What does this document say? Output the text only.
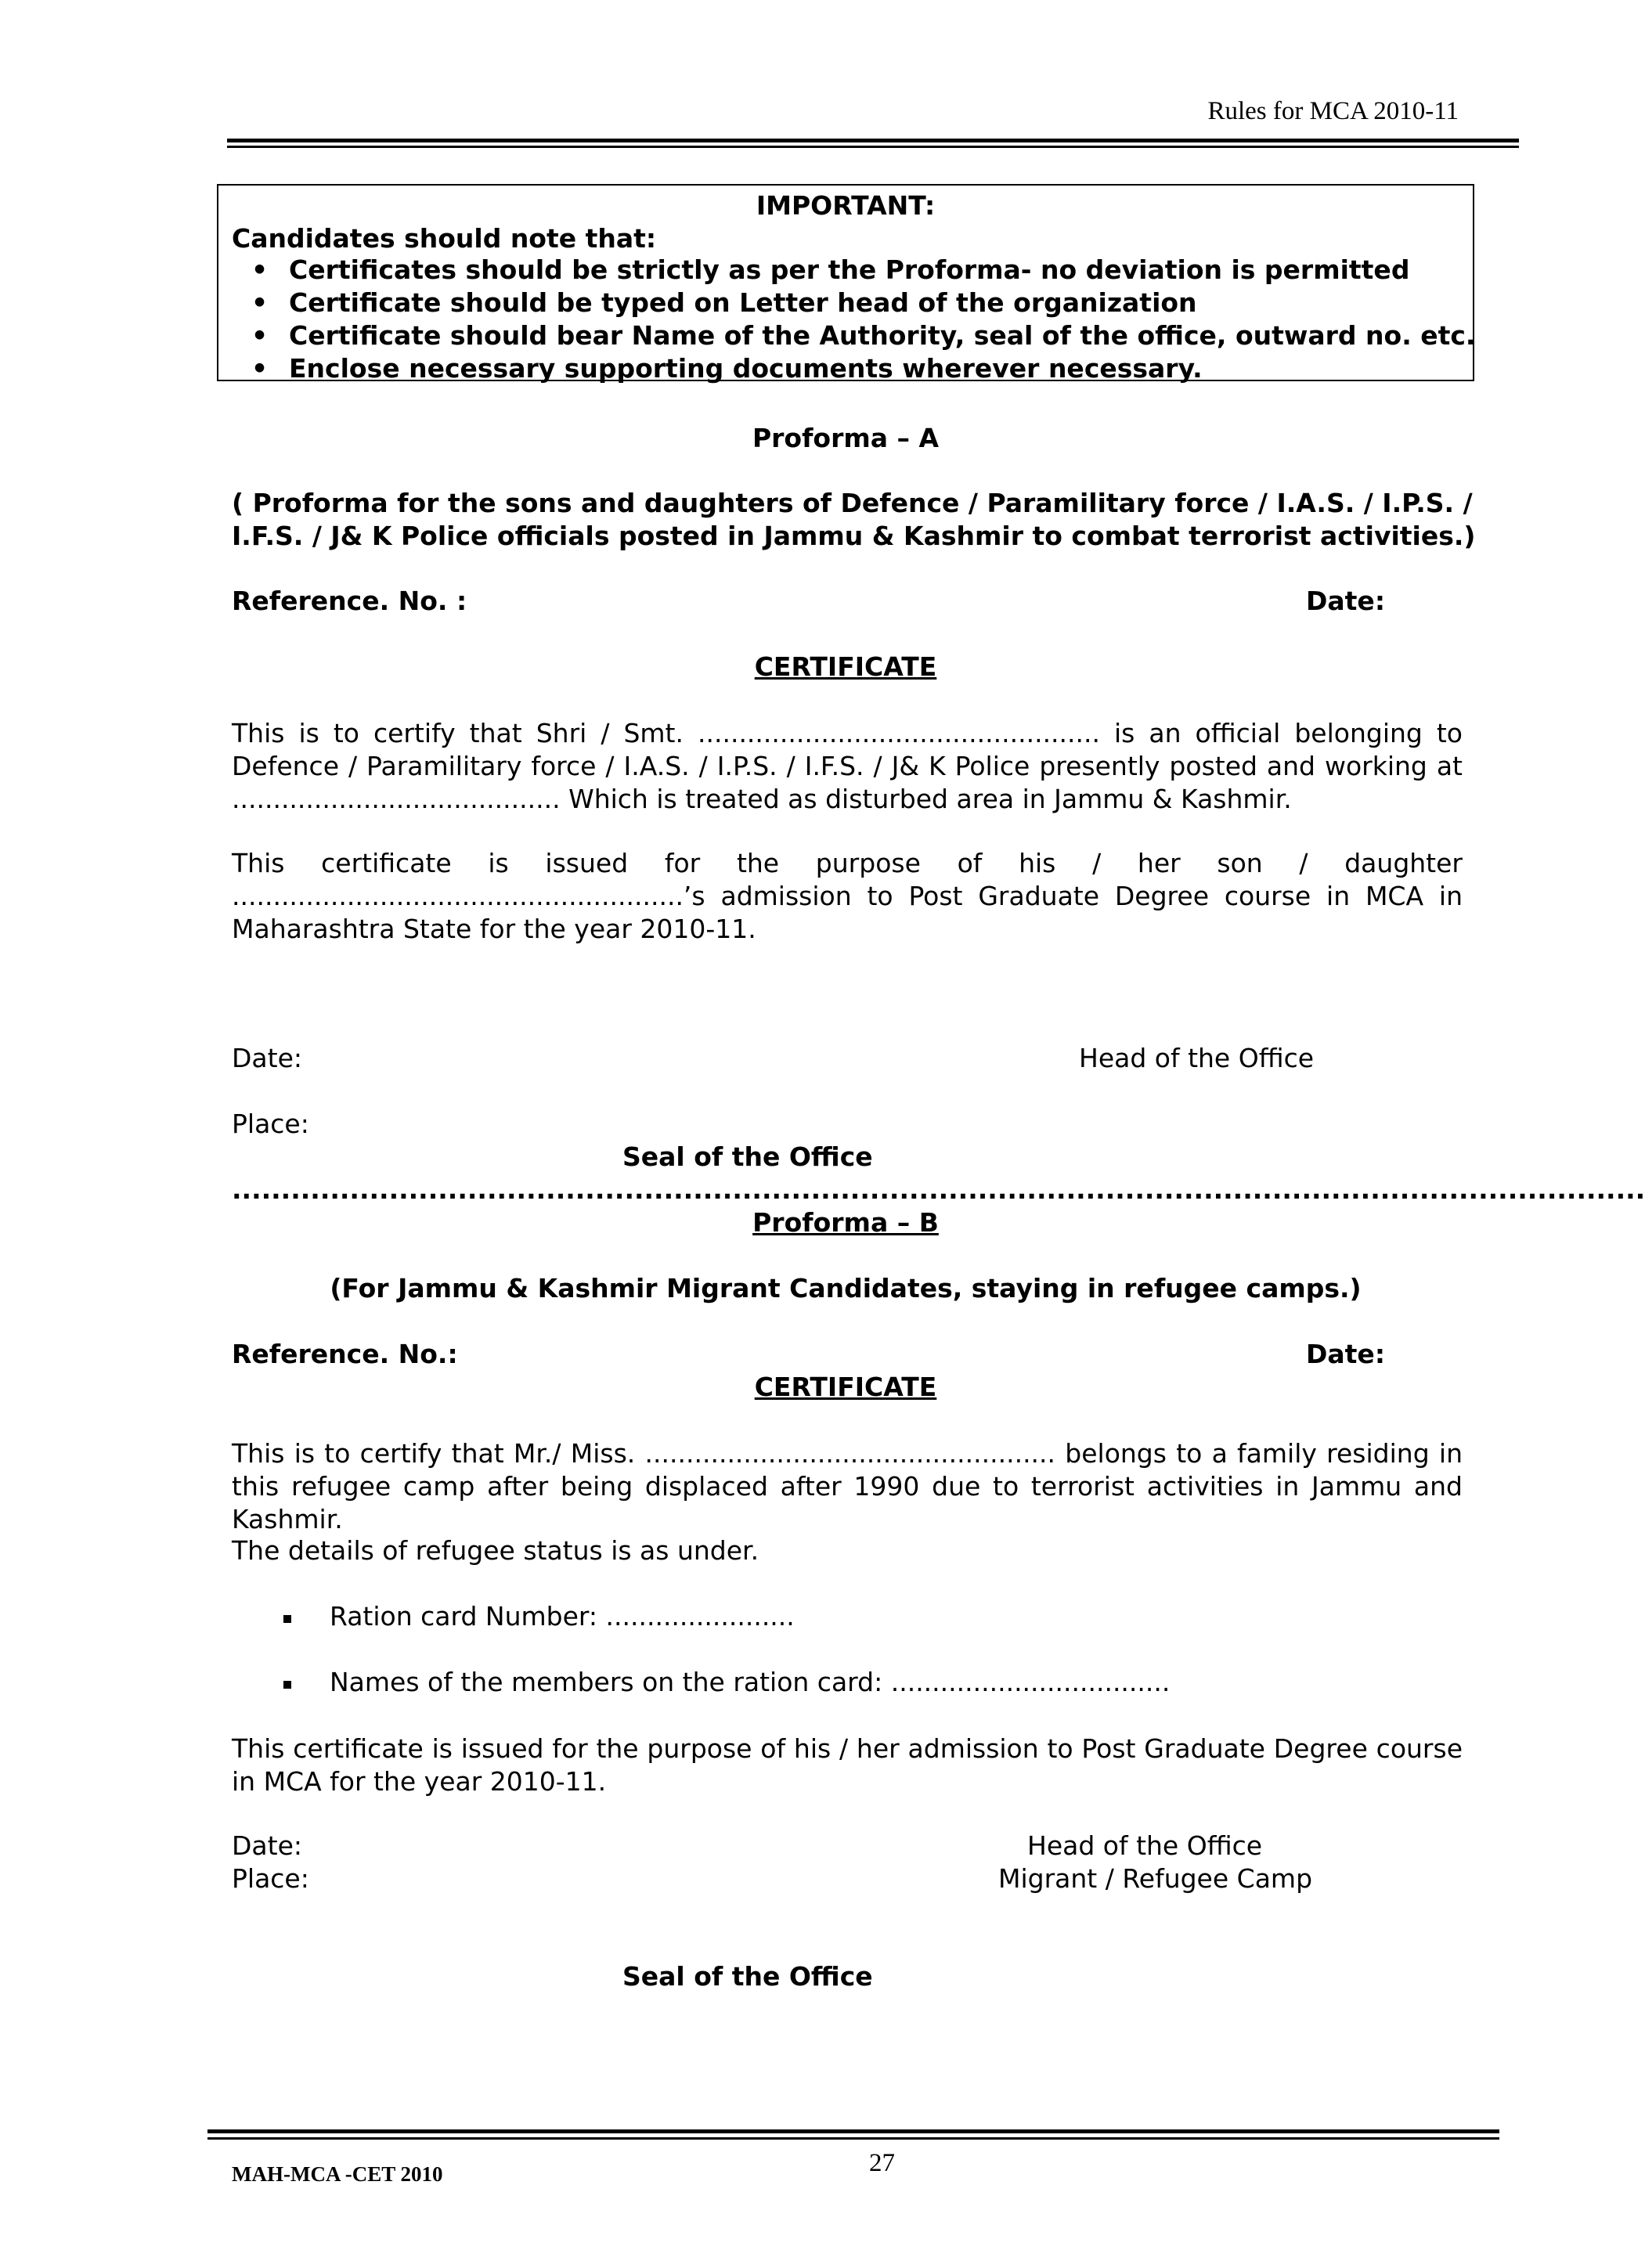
Rules for MCA 2010-11
IMPORTANT:
Candidates should note that:
• Certificates should be strictly as per the Proforma- no deviation is permitted
• Certificate should be typed on Letter head of the organization
• Certificate should bear Name of the Authority, seal of the office, outward no. etc.
• Enclose necessary supporting documents wherever necessary.
Proforma – A
( Proforma for the sons and daughters of Defence / Paramilitary force / I.A.S. / I.P.S. /
I.F.S. / J& K Police officials posted in Jammu & Kashmir to combat terrorist activities.)
Reference. No. :	Date:
CERTIFICATE
This is to certify that Shri / Smt. ................................................. is an official belonging to Defence / Paramilitary force / I.A.S. / I.P.S. / I.F.S. / J& K Police presently posted and working at ........................................ Which is treated as disturbed area in Jammu & Kashmir.
This certificate is issued for the purpose of his / her son / daughter .......................................................’s admission to Post Graduate Degree course in MCA in Maharashtra State for the year 2010-11.
Date:	Head of the Office
Place:
Seal of the Office
................................................................................................................................................
Proforma – B
(For Jammu & Kashmir Migrant Candidates, staying in refugee camps.)
Reference. No.:	Date:
CERTIFICATE
This is to certify that Mr./ Miss. .................................................. belongs to a family residing in this refugee camp after being displaced after 1990 due to terrorist activities in Jammu and Kashmir.
The details of refugee status is as under.
Ration card Number: .......................
Names of the members on the ration card: ..................................
This certificate is issued for the purpose of his / her admission to Post Graduate Degree course in MCA for the year 2010-11.
Date:	Head of the Office
Place:	Migrant / Refugee Camp
Seal of the Office
MAH-MCA -CET 2010	27
